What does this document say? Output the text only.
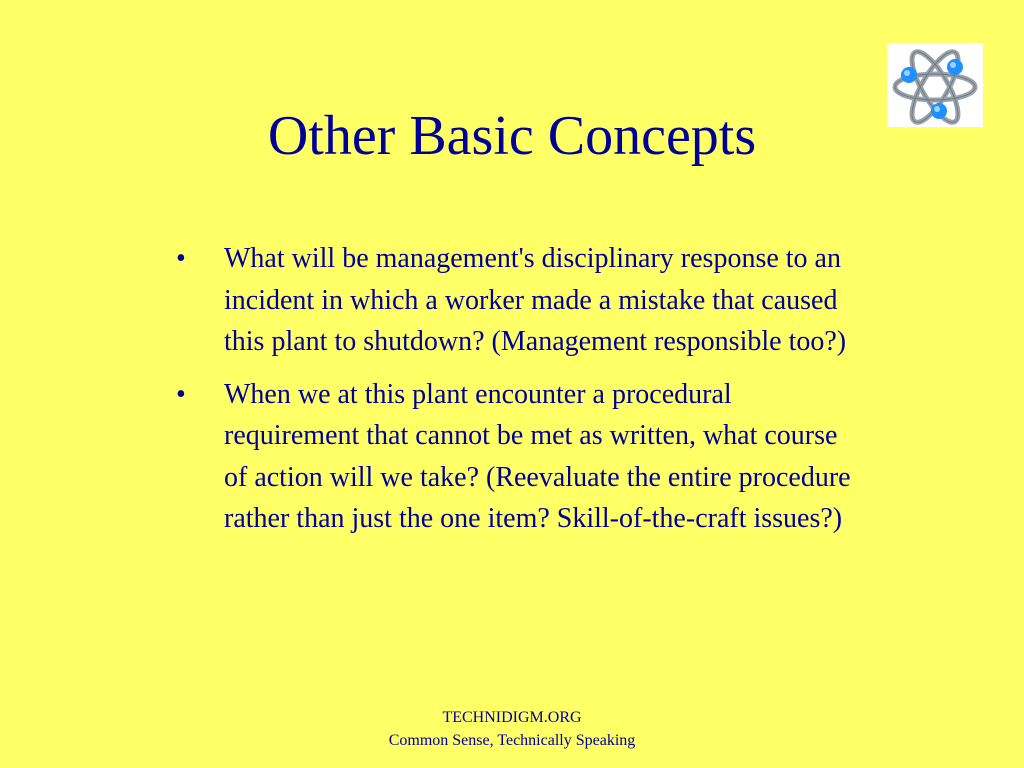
Other Basic Concepts
•	What will be management's disciplinary response to an incident in which a worker made a mistake that caused this plant to shutdown? (Management responsible too?)
•	When we at this plant encounter a procedural requirement that cannot be met as written, what course of action will we take? (Reevaluate the entire procedure rather than just the one item? Skill-of-the-craft issues?)
TECHNIDIGM.ORG
Common Sense, Technically Speaking
